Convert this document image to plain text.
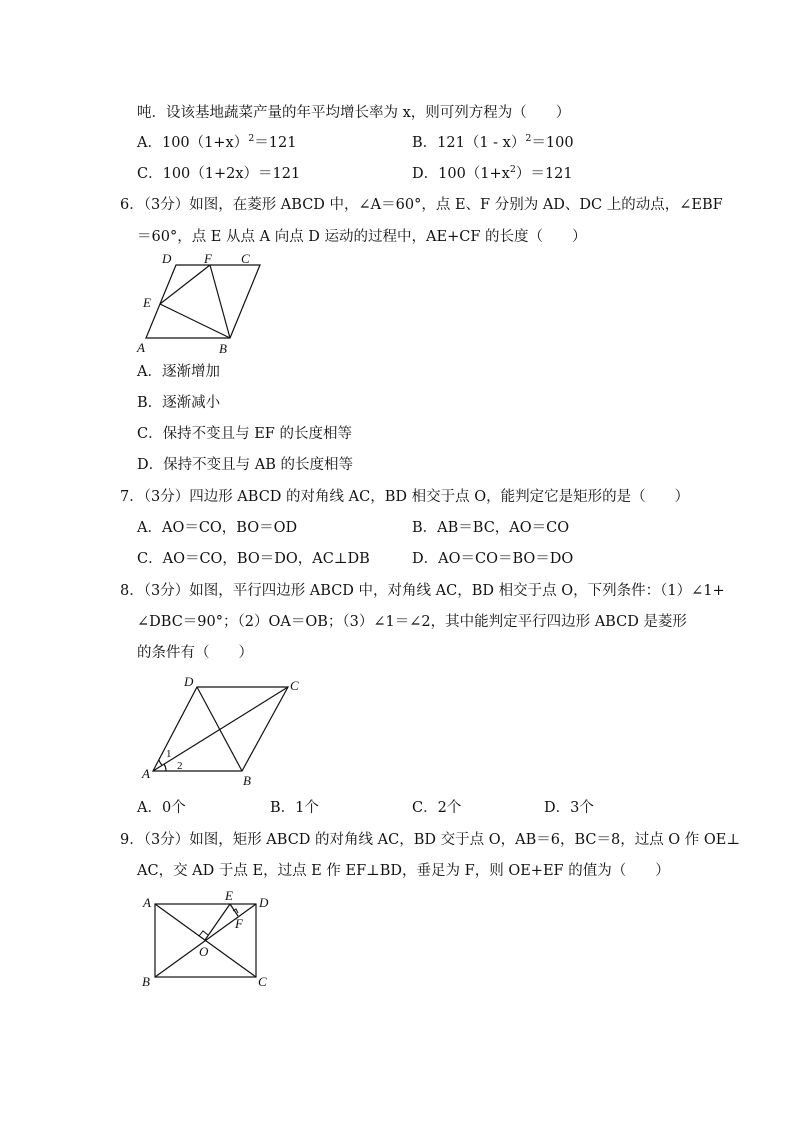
吨．设该基地蔬菜产量的年平均增长率为 x，则可列方程为（　　）
A．$100(1+x)^2=121$	B．121（1 - x）$^2$＝100
C．100（1+2x）＝121	D．$100(1+x^2)=121$
6．（3分）如图，在菱形 ABCD 中，∠A＝60°，点 E、F 分别为 AD、DC 上的动点，∠EBF
＝60°，点 E 从点 A 向点 D 运动的过程中，AE+CF 的长度（　　）
D	F C
E
A	B
A．逐渐增加
B．逐渐减小
C．保持不变且与 EF 的长度相等
D．保持不变且与 AB 的长度相等
7．（3分）四边形 ABCD 的对角线 AC，BD 相交于点 O，能判定它是矩形的是（　　）
A．AO＝CO，BO＝OD	B．AB＝BC，AO＝CO
C．AO＝CO，BO＝DO，AC⊥DB	D．AO＝CO＝BO＝DO
8．（3分）如图，平行四边形 ABCD 中，对角线 AC，BD 相交于点 O，下列条件：（1）∠1+
∠DBC＝90°；（2）OA＝OB；（3）∠1＝∠2，其中能判定平行四边形 ABCD 是菱形
的条件有（　　）
D	C
A	B
1
2
A．0个	B．1个	C．2个	D．3个
9．（3分）如图，矩形 ABCD 的对角线 AC，BD 交于点 O，AB＝6，BC＝8，过点 O 作 OE⊥
AC，交 AD 于点 E，过点 E 作 EF⊥BD，垂足为 F，则 OE+EF 的值为（　　）
A	E D
F
O
B	C
